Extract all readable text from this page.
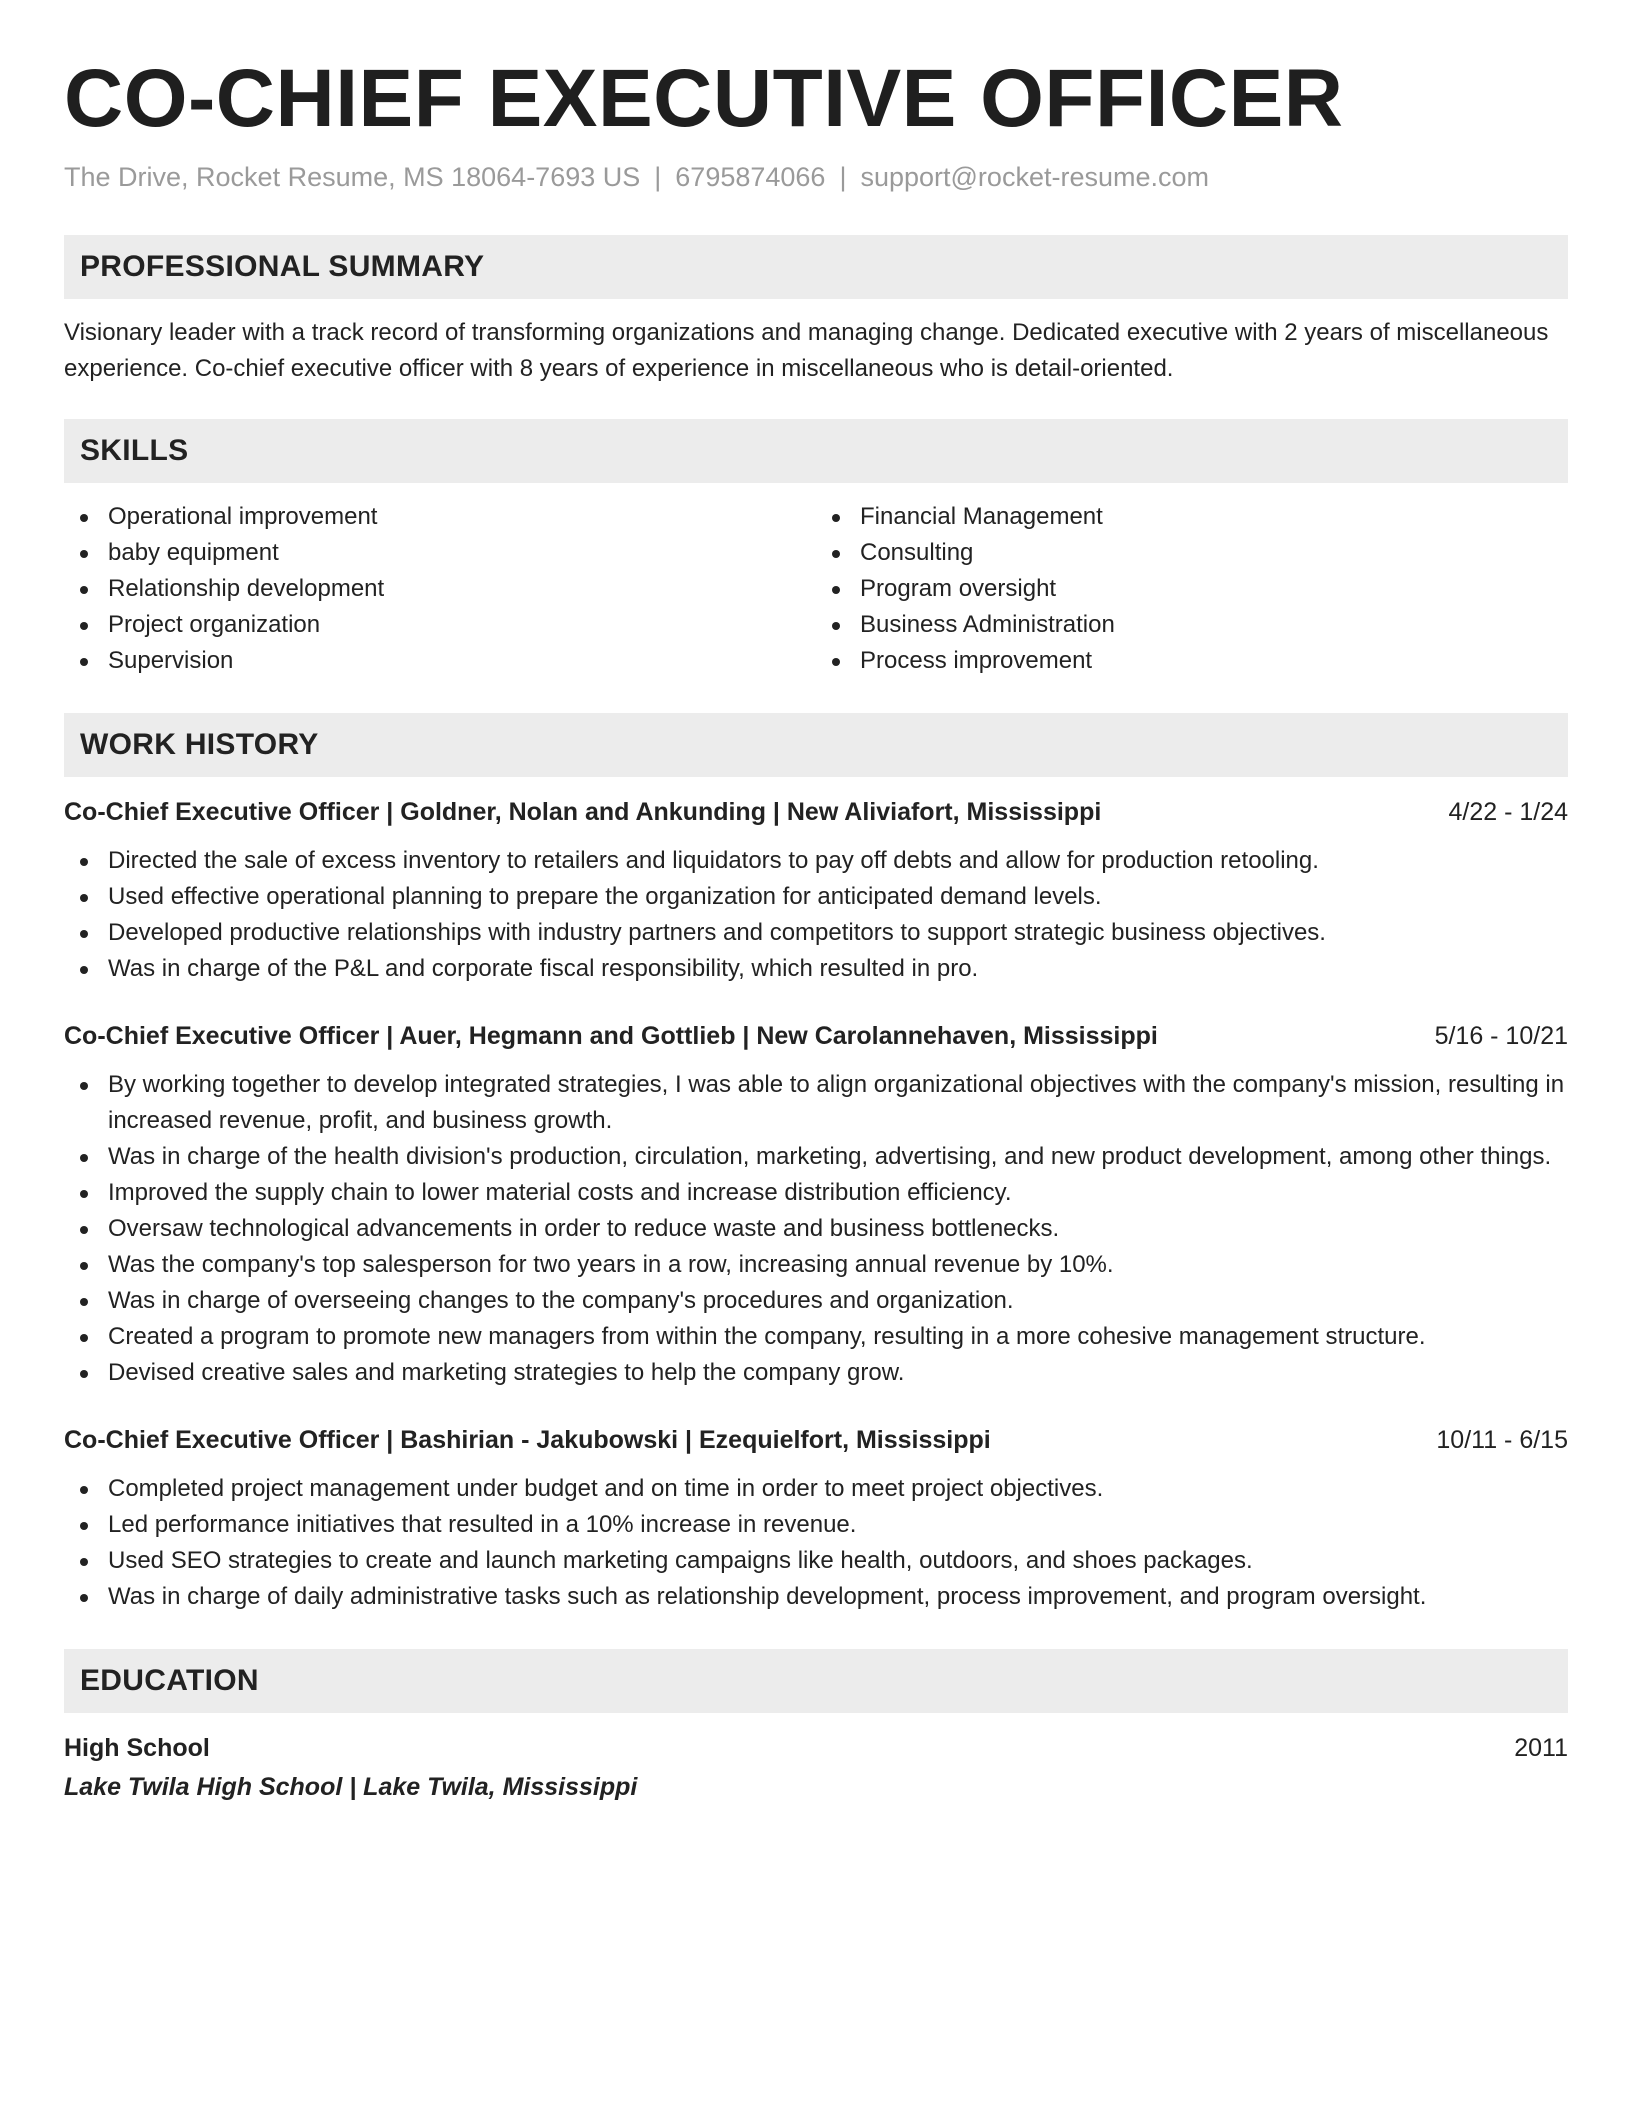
CO-CHIEF EXECUTIVE OFFICER
The Drive, Rocket Resume, MS 18064-7693 US | 6795874066 | support@rocket-resume.com
PROFESSIONAL SUMMARY
Visionary leader with a track record of transforming organizations and managing change. Dedicated executive with 2 years of miscellaneous experience. Co-chief executive officer with 8 years of experience in miscellaneous who is detail-oriented.
SKILLS
Operational improvement
baby equipment
Relationship development
Project organization
Supervision
Financial Management
Consulting
Program oversight
Business Administration
Process improvement
WORK HISTORY
Co-Chief Executive Officer | Goldner, Nolan and Ankunding | New Aliviafort, Mississippi	4/22 - 1/24
Directed the sale of excess inventory to retailers and liquidators to pay off debts and allow for production retooling.
Used effective operational planning to prepare the organization for anticipated demand levels.
Developed productive relationships with industry partners and competitors to support strategic business objectives.
Was in charge of the P&L and corporate fiscal responsibility, which resulted in pro.
Co-Chief Executive Officer | Auer, Hegmann and Gottlieb | New Carolannehaven, Mississippi	5/16 - 10/21
By working together to develop integrated strategies, I was able to align organizational objectives with the company's mission, resulting in increased revenue, profit, and business growth.
Was in charge of the health division's production, circulation, marketing, advertising, and new product development, among other things.
Improved the supply chain to lower material costs and increase distribution efficiency.
Oversaw technological advancements in order to reduce waste and business bottlenecks.
Was the company's top salesperson for two years in a row, increasing annual revenue by 10%.
Was in charge of overseeing changes to the company's procedures and organization.
Created a program to promote new managers from within the company, resulting in a more cohesive management structure.
Devised creative sales and marketing strategies to help the company grow.
Co-Chief Executive Officer | Bashirian - Jakubowski | Ezequielfort, Mississippi	10/11 - 6/15
Completed project management under budget and on time in order to meet project objectives.
Led performance initiatives that resulted in a 10% increase in revenue.
Used SEO strategies to create and launch marketing campaigns like health, outdoors, and shoes packages.
Was in charge of daily administrative tasks such as relationship development, process improvement, and program oversight.
EDUCATION
High School	2011
Lake Twila High School | Lake Twila, Mississippi
